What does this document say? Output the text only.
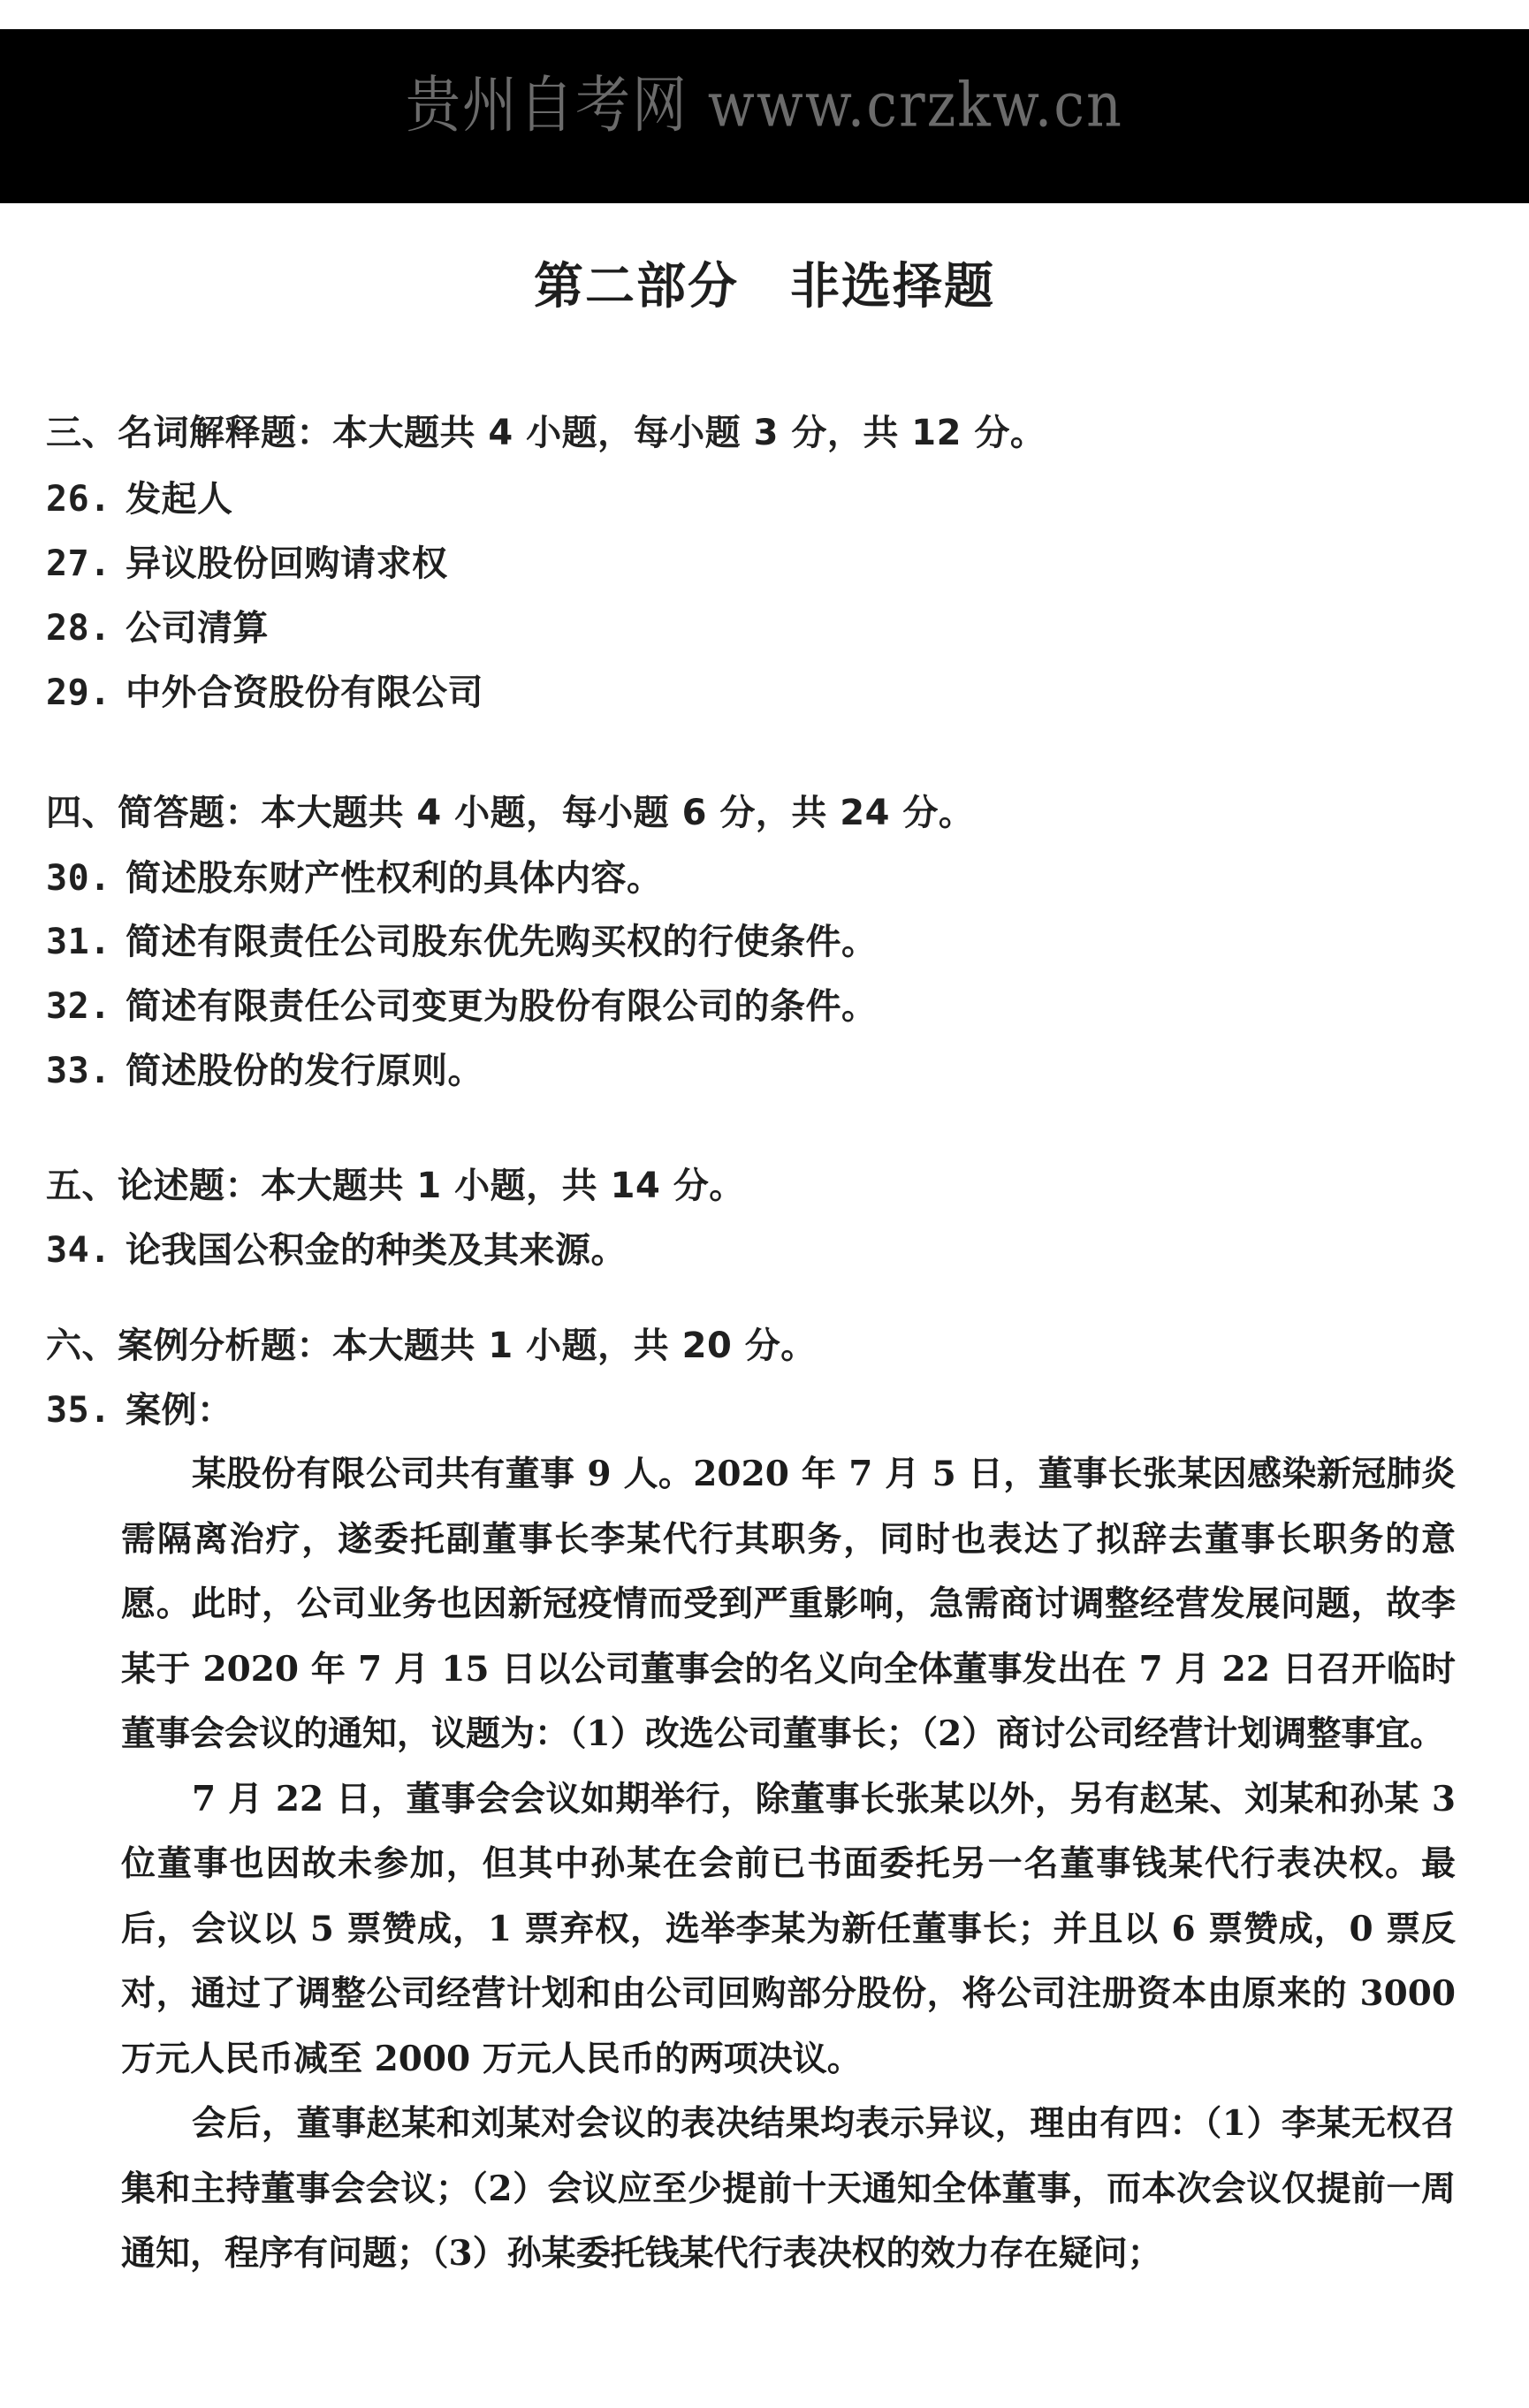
贵州自考网 www.crzkw.cn
第二部分　非选择题
三、名词解释题：本大题共 4 小题，每小题 3 分，共 12 分。
26. 发起人
27. 异议股份回购请求权
28. 公司清算
29. 中外合资股份有限公司
四、简答题：本大题共 4 小题，每小题 6 分，共 24 分。
30. 简述股东财产性权利的具体内容。
31. 简述有限责任公司股东优先购买权的行使条件。
32. 简述有限责任公司变更为股份有限公司的条件。
33. 简述股份的发行原则。
五、论述题：本大题共 1 小题，共 14 分。
34. 论我国公积金的种类及其来源。
六、案例分析题：本大题共 1 小题，共 20 分。
35. 案例：

某股份有限公司共有董事 9 人。2020 年 7 月 5 日，董事长张某因感染新冠肺炎需隔离治疗，遂委托副董事长李某代行其职务，同时也表达了拟辞去董事长职务的意愿。此时，公司业务也因新冠疫情而受到严重影响，急需商讨调整经营发展问题，故李某于 2020 年 7 月 15 日以公司董事会的名义向全体董事发出在 7 月 22 日召开临时董事会会议的通知，议题为：（1）改选公司董事长；（2）商讨公司经营计划调整事宜。

7 月 22 日，董事会会议如期举行，除董事长张某以外，另有赵某、刘某和孙某 3 位董事也因故未参加，但其中孙某在会前已书面委托另一名董事钱某代行表决权。最后，会议以 5 票赞成，1 票弃权，选举李某为新任董事长；并且以 6 票赞成，0 票反对，通过了调整公司经营计划和由公司回购部分股份，将公司注册资本由原来的 3000 万元人民币减至 2000 万元人民币的两项决议。

会后，董事赵某和刘某对会议的表决结果均表示异议，理由有四：（1）李某无权召集和主持董事会会议；（2）会议应至少提前十天通知全体董事，而本次会议仅提前一周通知，程序有问题；（3）孙某委托钱某代行表决权的效力存在疑问；
